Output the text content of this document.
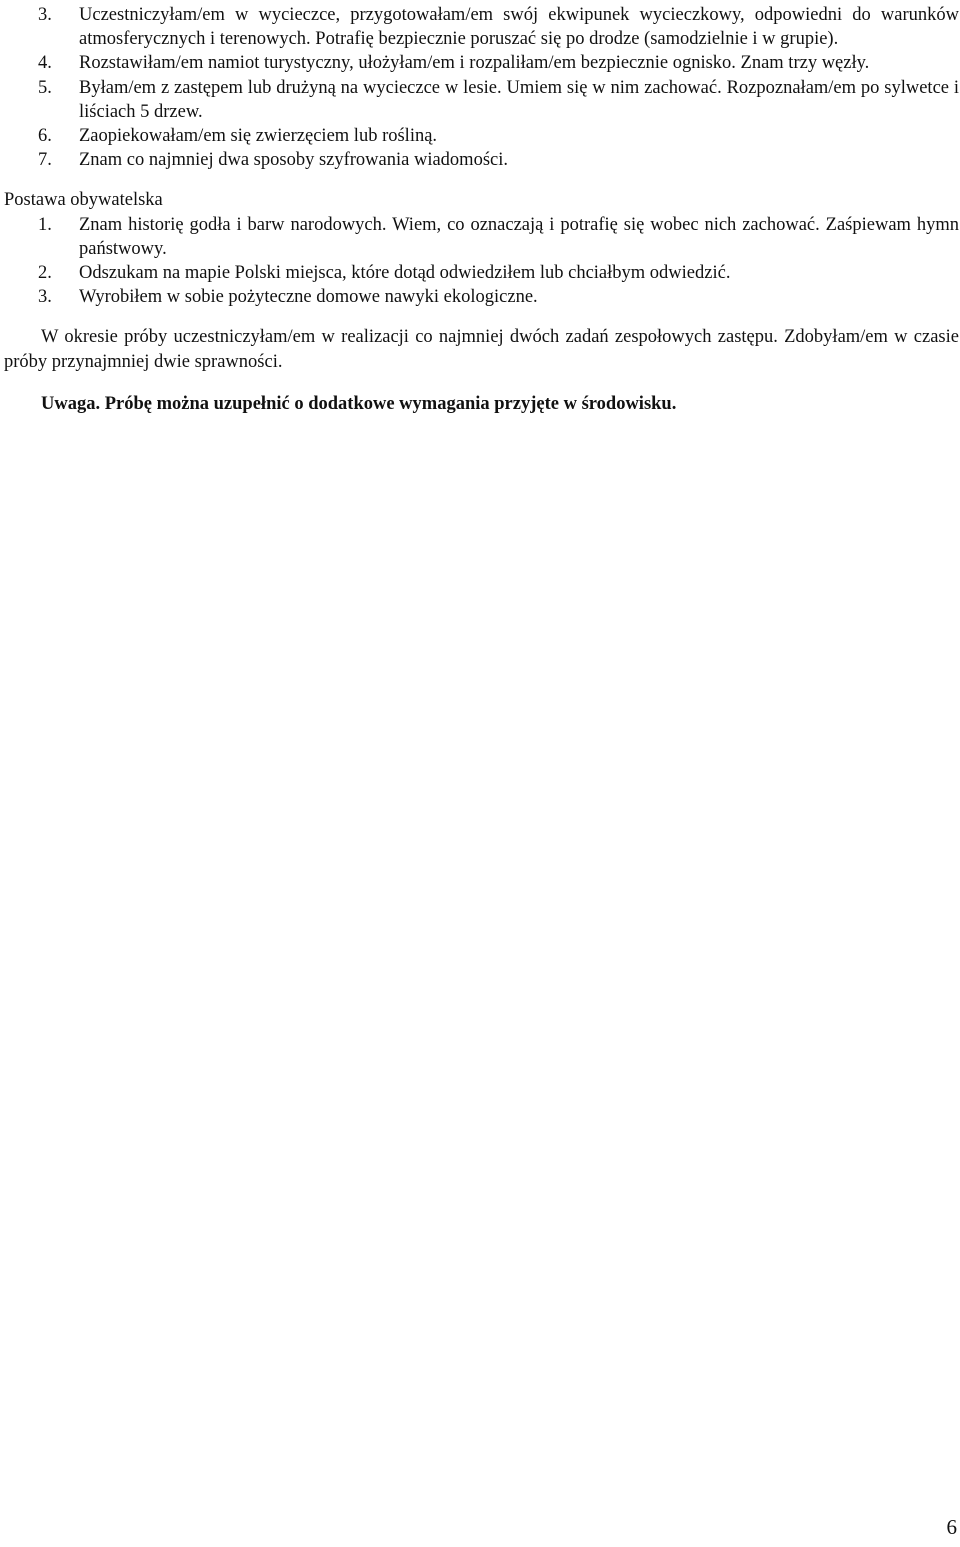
3. Uczestniczyłam/em w wycieczce, przygotowałam/em swój ekwipunek wycieczkowy, odpowiedni do warunków atmosferycznych i terenowych. Potrafię bezpiecznie poruszać się po drodze (samodzielnie i w grupie).
4. Rozstawiłam/em namiot turystyczny, ułożyłam/em i rozpaliłam/em bezpiecznie ognisko. Znam trzy węzły.
5. Byłam/em z zastępem lub drużyną na wycieczce w lesie. Umiem się w nim zachować. Rozpoznałam/em po sylwetce i liściach 5 drzew.
6. Zaopiekowałam/em się zwierzęciem lub rośliną.
7. Znam co najmniej dwa sposoby szyfrowania wiadomości.
Postawa obywatelska
1. Znam historię godła i barw narodowych. Wiem, co oznaczają i potrafię się wobec nich zachować. Zaśpiewam hymn państwowy.
2. Odszukam na mapie Polski miejsca, które dotąd odwiedziłem lub chciałbym odwiedzić.
3. Wyrobiłem w sobie pożyteczne domowe nawyki ekologiczne.

W okresie próby uczestniczyłam/em w realizacji co najmniej dwóch zadań zespołowych zastępu. Zdobyłam/em w czasie próby przynajmniej dwie sprawności.

Uwaga. Próbę można uzupełnić o dodatkowe wymagania przyjęte w środowisku.
6
